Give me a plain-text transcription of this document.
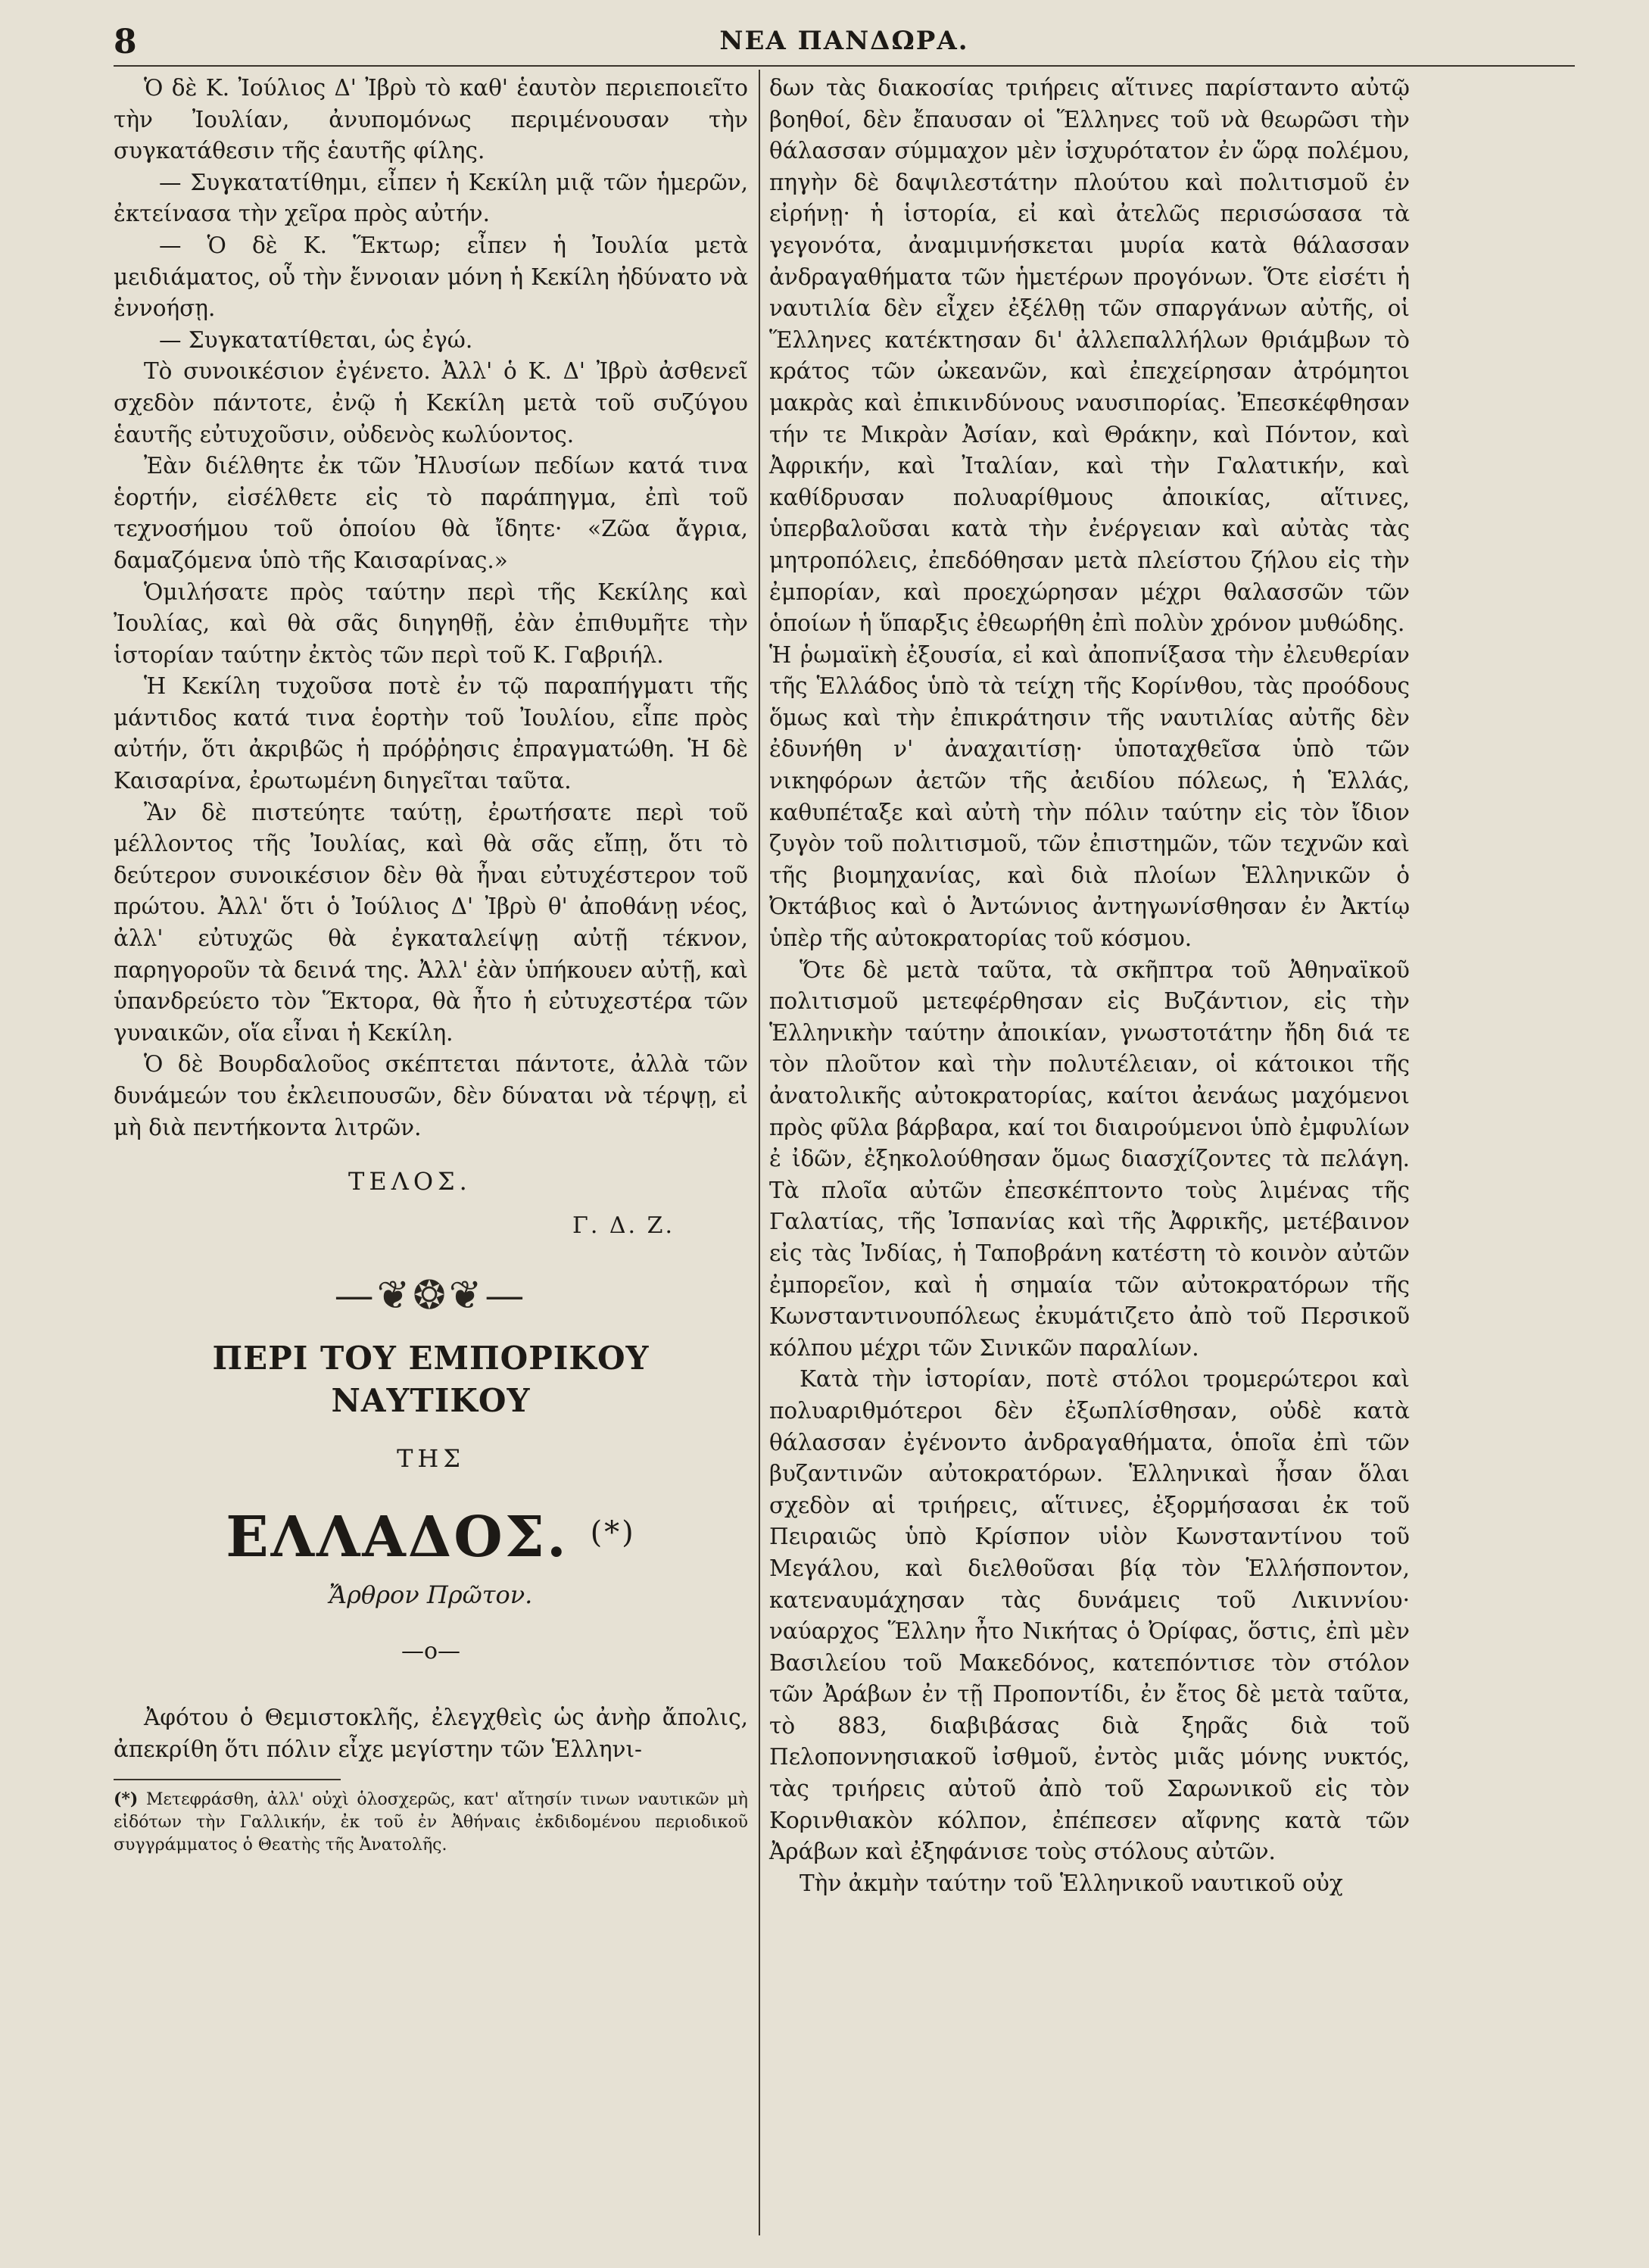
8	ΝΕΑ ΠΑΝΔΩΡΑ.

Ὁ δὲ Κ. Ἰούλιος Δ' Ἰβρὺ τὸ καθ' ἑαυτὸν περιεποιεῖτο τὴν Ἰουλίαν, ἀνυπομόνως περιμένουσαν τὴν συγκατάθεσιν τῆς ἑαυτῆς φίλης.

— Συγκατατίθημι, εἶπεν ἡ Κεκίλη μιᾷ τῶν ἡμερῶν, ἐκτείνασα τὴν χεῖρα πρὸς αὐτήν.

— Ὁ δὲ Κ. Ἕκτωρ; εἶπεν ἡ Ἰουλία μετὰ μειδιάματος, οὗ τὴν ἔννοιαν μόνη ἡ Κεκίλη ἠδύνατο νὰ ἐννοήσῃ.

— Συγκατατίθεται, ὡς ἐγώ.

Τὸ συνοικέσιον ἐγένετο. Ἀλλ' ὁ Κ. Δ' Ἰβρὺ ἀσθενεῖ σχεδὸν πάντοτε, ἐνῷ ἡ Κεκίλη μετὰ τοῦ συζύγου ἑαυτῆς εὐτυχοῦσιν, οὐδενὸς κωλύοντος.

Ἐὰν διέλθητε ἐκ τῶν Ἠλυσίων πεδίων κατά τινα ἑορτήν, εἰσέλθετε εἰς τὸ παράπηγμα, ἐπὶ τοῦ τεχνοσήμου τοῦ ὁποίου θὰ ἴδητε· «Ζῶα ἄγρια, δαμαζόμενα ὑπὸ τῆς Καισαρίνας.»

Ὁμιλήσατε πρὸς ταύτην περὶ τῆς Κεκίλης καὶ Ἰουλίας, καὶ θὰ σᾶς διηγηθῇ, ἐὰν ἐπιθυμῆτε τὴν ἱστορίαν ταύτην ἐκτὸς τῶν περὶ τοῦ Κ. Γαβριήλ.

Ἡ Κεκίλη τυχοῦσα ποτὲ ἐν τῷ παραπήγματι τῆς μάντιδος κατά τινα ἑορτὴν τοῦ Ἰουλίου, εἶπε πρὸς αὐτήν, ὅτι ἀκριβῶς ἡ πρόῤῥησις ἐπραγματώθη. Ἡ δὲ Καισαρίνα, ἐρωτωμένη διηγεῖται ταῦτα.

Ἂν δὲ πιστεύητε ταύτῃ, ἐρωτήσατε περὶ τοῦ μέλλοντος τῆς Ἰουλίας, καὶ θὰ σᾶς εἴπῃ, ὅτι τὸ δεύτερον συνοικέσιον δὲν θὰ ἦναι εὐτυχέστερον τοῦ πρώτου. Ἀλλ' ὅτι ὁ Ἰούλιος Δ' Ἰβρὺ θ' ἀποθάνῃ νέος, ἀλλ' εὐτυχῶς θὰ ἐγκαταλείψῃ αὐτῇ τέκνον, παρηγοροῦν τὰ δεινά της. Ἀλλ' ἐὰν ὑπήκουεν αὐτῇ, καὶ ὑπανδρεύετο τὸν Ἕκτορα, θὰ ἦτο ἡ εὐτυχεστέρα τῶν γυναικῶν, οἵα εἶναι ἡ Κεκίλη.

Ὁ δὲ Βουρδαλοῦος σκέπτεται πάντοτε, ἀλλὰ τῶν δυνάμεών του ἐκλειπουσῶν, δὲν δύναται νὰ τέρψῃ, εἰ μὴ διὰ πεντήκοντα λιτρῶν.

ΤΕΛΟΣ.
Γ. Δ. Ζ.
—❦❂❦—
ΠΕΡΙ ΤΟΥ ΕΜΠΟΡΙΚΟΥ ΝΑΥΤΙΚΟΥ
ΤΗΣ
ΕΛΛΑΔΟΣ. (*)
Ἄρθρον Πρῶτον.
—o—

Ἀφότου ὁ Θεμιστοκλῆς, ἐλεγχθεὶς ὡς ἀνὴρ ἄπολις, ἀπεκρίθη ὅτι πόλιν εἶχε μεγίστην τῶν Ἑλληνι-

(*) Μετεφράσθη, ἀλλ' οὐχὶ ὁλοσχερῶς, κατ' αἴτησίν τινων ναυτικῶν μὴ εἰδότων τὴν Γαλλικήν, ἐκ τοῦ ἐν Ἀθήναις ἐκδιδομένου περιοδικοῦ συγγράμματος ὁ Θεατὴς τῆς Ἀνατολῆς.

δων τὰς διακοσίας τριήρεις αἵτινες παρίσταντο αὐτῷ βοηθοί, δὲν ἔπαυσαν οἱ Ἕλληνες τοῦ νὰ θεωρῶσι τὴν θάλασσαν σύμμαχον μὲν ἰσχυρότατον ἐν ὥρᾳ πολέμου, πηγὴν δὲ δαψιλεστάτην πλούτου καὶ πολιτισμοῦ ἐν εἰρήνῃ· ἡ ἱστορία, εἰ καὶ ἀτελῶς περισώσασα τὰ γεγονότα, ἀναμιμνήσκεται μυρία κατὰ θάλασσαν ἀνδραγαθήματα τῶν ἡμετέρων προγόνων. Ὅτε εἰσέτι ἡ ναυτιλία δὲν εἶχεν ἐξέλθῃ τῶν σπαργάνων αὐτῆς, οἱ Ἕλληνες κατέκτησαν δι' ἀλλεπαλλήλων θριάμβων τὸ κράτος τῶν ὠκεανῶν, καὶ ἐπεχείρησαν ἀτρόμητοι μακρὰς καὶ ἐπικινδύνους ναυσιπορίας. Ἐπεσκέφθησαν τήν τε Μικρὰν Ἀσίαν, καὶ Θράκην, καὶ Πόντον, καὶ Ἀφρικήν, καὶ Ἰταλίαν, καὶ τὴν Γαλατικήν, καὶ καθίδρυσαν πολυαρίθμους ἀποικίας, αἵτινες, ὑπερβαλοῦσαι κατὰ τὴν ἐνέργειαν καὶ αὐτὰς τὰς μητροπόλεις, ἐπεδόθησαν μετὰ πλείστου ζήλου εἰς τὴν ἐμπορίαν, καὶ προεχώρησαν μέχρι θαλασσῶν τῶν ὁποίων ἡ ὕπαρξις ἐθεωρήθη ἐπὶ πολὺν χρόνον μυθώδης.

Ἡ ῥωμαϊκὴ ἐξουσία, εἰ καὶ ἀποπνίξασα τὴν ἐλευθερίαν τῆς Ἑλλάδος ὑπὸ τὰ τείχη τῆς Κορίνθου, τὰς προόδους ὅμως καὶ τὴν ἐπικράτησιν τῆς ναυτιλίας αὐτῆς δὲν ἐδυνήθη ν' ἀναχαιτίσῃ· ὑποταχθεῖσα ὑπὸ τῶν νικηφόρων ἀετῶν τῆς ἀειδίου πόλεως, ἡ Ἑλλάς, καθυπέταξε καὶ αὐτὴ τὴν πόλιν ταύτην εἰς τὸν ἴδιον ζυγὸν τοῦ πολιτισμοῦ, τῶν ἐπιστημῶν, τῶν τεχνῶν καὶ τῆς βιομηχανίας, καὶ διὰ πλοίων Ἑλληνικῶν ὁ Ὀκτάβιος καὶ ὁ Ἀντώνιος ἀντηγωνίσθησαν ἐν Ἀκτίῳ ὑπὲρ τῆς αὐτοκρατορίας τοῦ κόσμου.

Ὅτε δὲ μετὰ ταῦτα, τὰ σκῆπτρα τοῦ Ἀθηναϊκοῦ πολιτισμοῦ μετεφέρθησαν εἰς Βυζάντιον, εἰς τὴν Ἑλληνικὴν ταύτην ἀποικίαν, γνωστοτάτην ἤδη διά τε τὸν πλοῦτον καὶ τὴν πολυτέλειαν, οἱ κάτοικοι τῆς ἀνατολικῆς αὐτοκρατορίας, καίτοι ἀενάως μαχόμενοι πρὸς φῦλα βάρβαρα, καί τοι διαιρούμενοι ὑπὸ ἐμφυλίων ἐ ἰδῶν, ἐξηκολούθησαν ὅμως διασχίζοντες τὰ πελάγη. Τὰ πλοῖα αὐτῶν ἐπεσκέπτοντο τοὺς λιμένας τῆς Γαλατίας, τῆς Ἰσπανίας καὶ τῆς Ἀφρικῆς, μετέβαινον εἰς τὰς Ἰνδίας, ἡ Ταποβράνη κατέστη τὸ κοινὸν αὐτῶν ἐμπορεῖον, καὶ ἡ σημαία τῶν αὐτοκρατόρων τῆς Κωνσταντινουπόλεως ἐκυμάτιζετο ἀπὸ τοῦ Περσικοῦ κόλπου μέχρι τῶν Σινικῶν παραλίων.

Κατὰ τὴν ἱστορίαν, ποτὲ στόλοι τρομερώτεροι καὶ πολυαριθμότεροι δὲν ἐξωπλίσθησαν, οὐδὲ κατὰ θάλασσαν ἐγένοντο ἀνδραγαθήματα, ὁποῖα ἐπὶ τῶν βυζαντινῶν αὐτοκρατόρων. Ἑλληνικαὶ ἦσαν ὅλαι σχεδὸν αἱ τριήρεις, αἵτινες, ἐξορμήσασαι ἐκ τοῦ Πειραιῶς ὑπὸ Κρίσπον υἱὸν Κωνσταντίνου τοῦ Μεγάλου, καὶ διελθοῦσαι βίᾳ τὸν Ἑλλήσποντον, κατεναυμάχησαν τὰς δυνάμεις τοῦ Λικιννίου· ναύαρχος Ἕλλην ἦτο Νικήτας ὁ Ὀρίφας, ὅστις, ἐπὶ μὲν Βασιλείου τοῦ Μακεδόνος, κατεπόντισε τὸν στόλον τῶν Ἀράβων ἐν τῇ Προποντίδι, ἐν ἔτος δὲ μετὰ ταῦτα, τὸ 883, διαβιβάσας διὰ ξηρᾶς διὰ τοῦ Πελοποννησιακοῦ ἰσθμοῦ, ἐντὸς μιᾶς μόνης νυκτός, τὰς τριήρεις αὐτοῦ ἀπὸ τοῦ Σαρωνικοῦ εἰς τὸν Κορινθιακὸν κόλπον, ἐπέπεσεν αἴφνης κατὰ τῶν Ἀράβων καὶ ἐξηφάνισε τοὺς στόλους αὐτῶν.

Τὴν ἀκμὴν ταύτην τοῦ Ἑλληνικοῦ ναυτικοῦ οὐχ
